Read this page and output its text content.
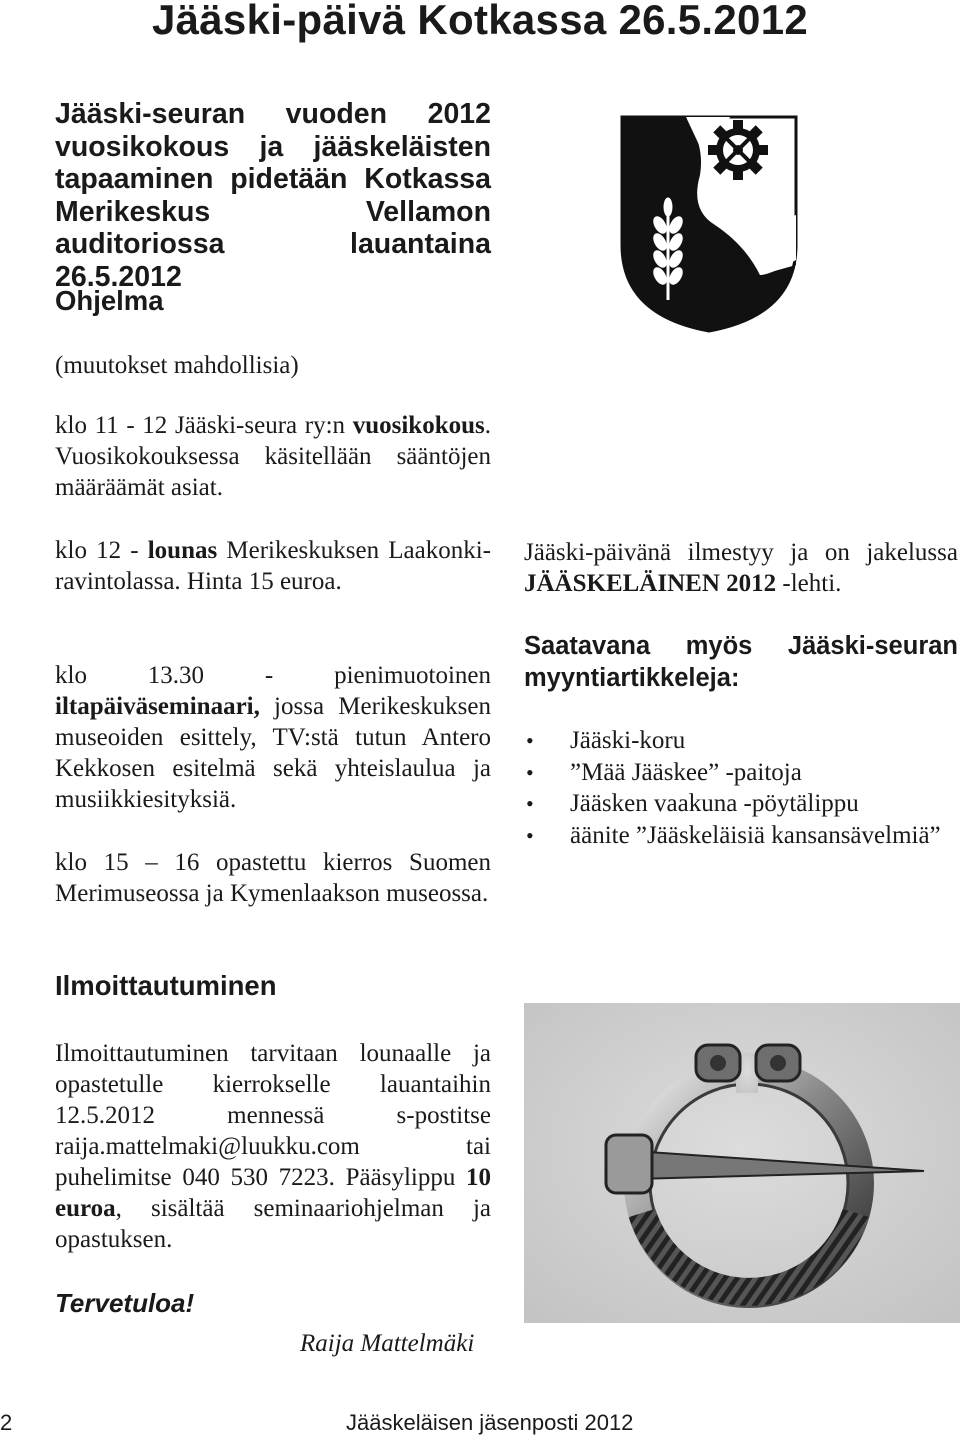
Jääski-päivä Kotkassa 26.5.2012

Jääski-seuran vuoden 2012 vuosikokous ja jääskeläisten tapaaminen pidetään Kotkassa Merikeskus Vellamon auditoriossa lauantaina 26.5.2012

Ohjelma

(muutokset mahdollisia)

klo 11 - 12 Jääski-seura ry:n vuosikokous. Vuosikokouksessa käsitellään sääntöjen määräämät asiat.

klo 12 - lounas Merikeskuksen Laakonki-ravintolassa. Hinta 15 euroa.

klo 13.30 - pienimuotoinen iltapäiväseminaari, jossa Merikeskuksen museoiden esittely, TV:stä tutun Antero Kekkosen esitelmä sekä yhteislaulua ja musiikkiesityksiä.

klo 15 – 16 opastettu kierros Suomen Merimuseossa ja Kymenlaakson museossa.

Ilmoittautuminen

Ilmoittautuminen tarvitaan lounaalle ja opastetulle kierrokselle lauantaihin 12.5.2012 mennessä s-postitse raija.mattelmaki@luukku.com tai puhelimitse 040 530 7223. Pääsylippu 10 euroa, sisältää seminaariohjelman ja opastuksen.

Tervetuloa!

Raija Mattelmäki

Jääski-päivänä ilmestyy ja on jakelussa JÄÄSKELÄINEN 2012 -lehti.

Saatavana myös Jääski-seuran myyntiartikkeleja:

• Jääski-koru
• ”Mää Jääskee” -paitoja
• Jääsken vaakuna -pöytälippu
• äänite ”Jääskeläisiä kansansävelmiä”

2	Jääskeläisen jäsenposti 2012
